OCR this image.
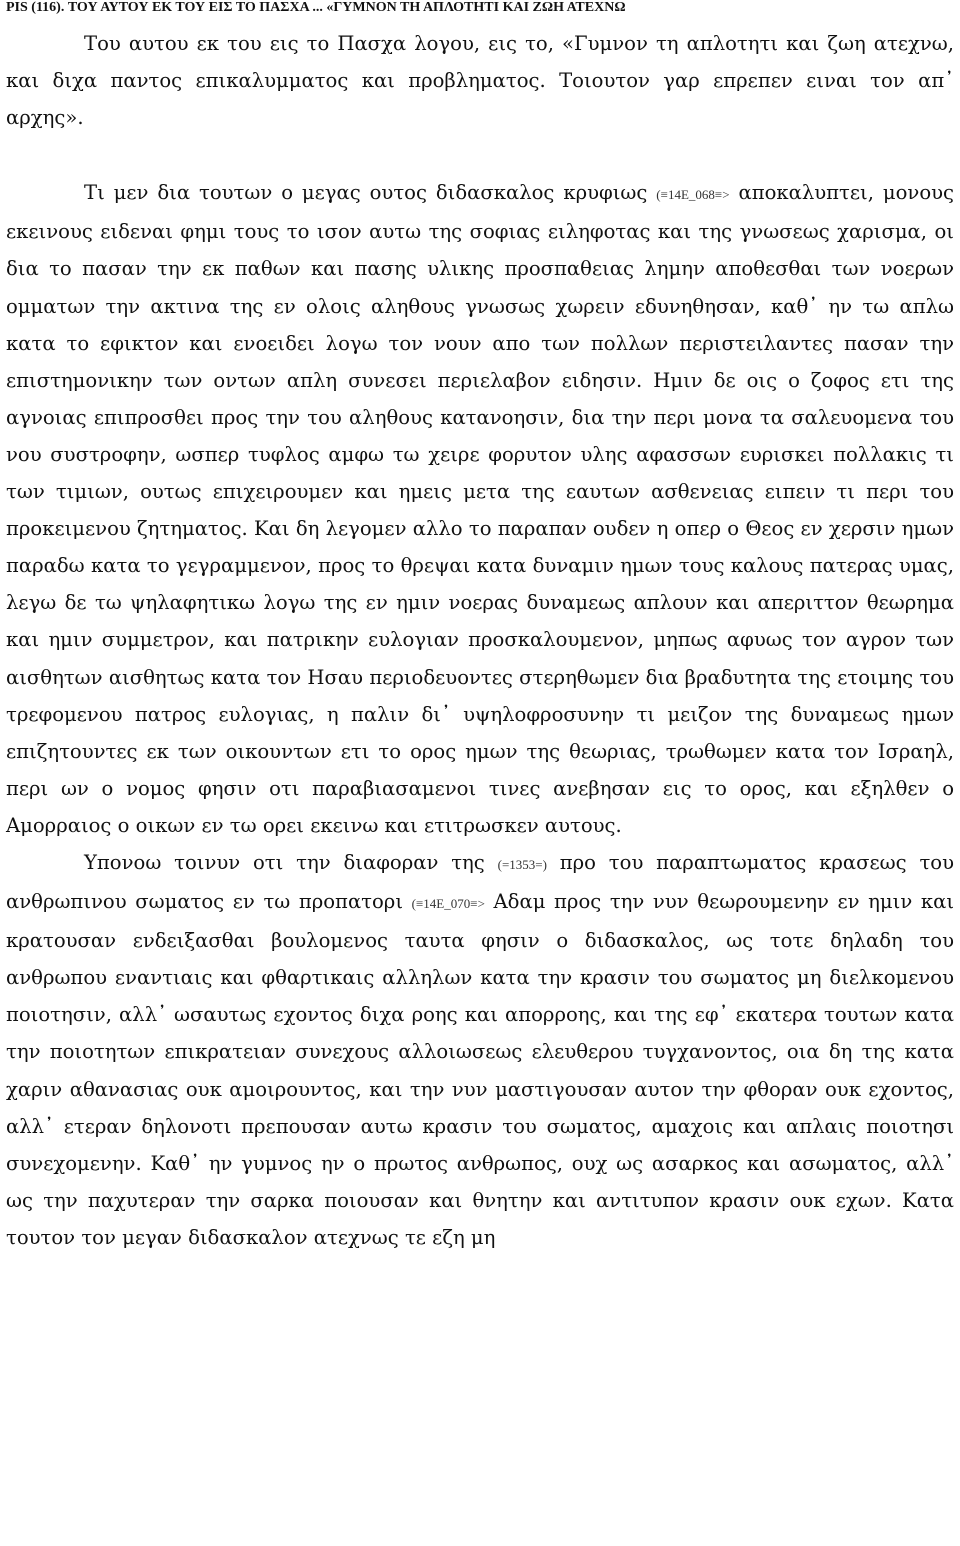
PIS (116). ΤΟΥ ΑΥΤΟΥ ΕΚ ΤΟΥ ΕΙΣ ΤΟ ΠΑΣΧΑ ... «ΓΥΜΝΟΝ ΤΗ ΑΠΛΟΤΗΤΙ ΚΑΙ ΖΩΗ ΑΤΕΧΝΩ

Του αυτου εκ του εις το Πασχα λογου, εις το, «Γυμνον τη απλοτητι και ζωη ατεχνω, και διχα παντος επικαλυμματος και προβληματος. Τοιουτον γαρ επρεπεν ειναι τον απ᾿ αρχης».

Τι μεν δια τουτων ο μεγας ουτος διδασκαλος κρυφιως (≡14E_068≡> αποκαλυπτει, μονους εκεινους ειδεναι φημι τους το ισον αυτω της σοφιας ειληφοτας και της γνωσεως χαρισμα, οι δια το πασαν την εκ παθων και πασης υλικης προσπαθειας λημην αποθεσθαι των νοερων ομματων την ακτινα της εν ολοις αληθους γνωσως χωρειν εδυνηθησαν, καθ᾿ ην τω απλω κατα το εφικτον και ενοειδει λογω τον νουν απο των πολλων περιστειλαντες πασαν την επιστημονικην των οντων απλη συνεσει περιελαβον ειδησιν. Ημιν δε οις ο ζοφος ετι της αγνοιας επιπροσθει προς την του αληθους κατανοησιν, δια την περι μονα τα σαλευομενα του νου συστροφην, ωσπερ τυφλος αμφω τω χειρε φορυτον υλης αφασσων ευρισκει πολλακις τι των τιμιων, ουτως επιχειρουμεν και ημεις μετα της εαυτων ασθενειας ειπειν τι περι του προκειμενου ζητηματος. Και δη λεγομεν αλλο το παραπαν ουδεν η οπερ ο Θεος εν χερσιν ημων παραδω κατα το γεγραμμενον, προς το θρεψαι κατα δυναμιν ημων τους καλους πατερας υμας, λεγω δε τω ψηλαφητικω λογω της εν ημιν νοερας δυναμεως απλουν και απεριττον θεωρημα και ημιν συμμετρον, και πατρικην ευλογιαν προσκαλουμενον, μηπως αφυως τον αγρον των αισθητων αισθητως κατα τον Ησαυ περιοδευοντες στερηθωμεν δια βραδυτητα της ετοιμης του τρεφομενου πατρος ευλογιας, η παλιν δι᾿ υψηλοφροσυνην τι μειζον της δυναμεως ημων επιζητουντες εκ των οικουντων ετι το ορος ημων της θεωριας, τρωθωμεν κατα τον Ισραηλ, περι ων ο νομος φησιν οτι παραβιασαμενοι τινες ανεβησαν εις το ορος, και εξηλθεν ο Αμορραιος ο οικων εν τω ορει εκεινω και ετιτρωσκεν αυτους.

Υπονοω τοινυν οτι την διαφοραν της (=1353=) προ του παραπτωματος κρασεως του ανθρωπινου σωματος εν τω προπατορι (≡14E_070≡> Αδαμ προς την νυν θεωρουμενην εν ημιν και κρατουσαν ενδειξασθαι βουλομενος ταυτα φησιν ο διδασκαλος, ως τοτε δηλαδη του ανθρωπου εναντιαις και φθαρτικαις αλληλων κατα την κρασιν του σωματος μη διελκομενου ποιοτησιν, αλλ᾿ ωσαυτως εχοντος διχα ροης και απορροης, και της εφ᾿ εκατερα τουτων κατα την ποιοτητων επικρατειαν συνεχους αλλοιωσεως ελευθερου τυγχανοντος, οια δη της κατα χαριν αθανασιας ουκ αμοιρουντος, και την νυν μαστιγουσαν αυτον την φθοραν ουκ εχοντος, αλλ᾿ ετεραν δηλονοτι πρεπουσαν αυτω κρασιν του σωματος, αμαχοις και απλαις ποιοτησι συνεχομενην. Καθ᾿ ην γυμνος ην ο πρωτος ανθρωπος, ουχ ως ασαρκος και ασωματος, αλλ᾿ ως την παχυτεραν την σαρκα ποιουσαν και θνητην και αντιτυπον κρασιν ουκ εχων. Κατα τουτον τον μεγαν διδασκαλον ατεχνως τε εζη μη
